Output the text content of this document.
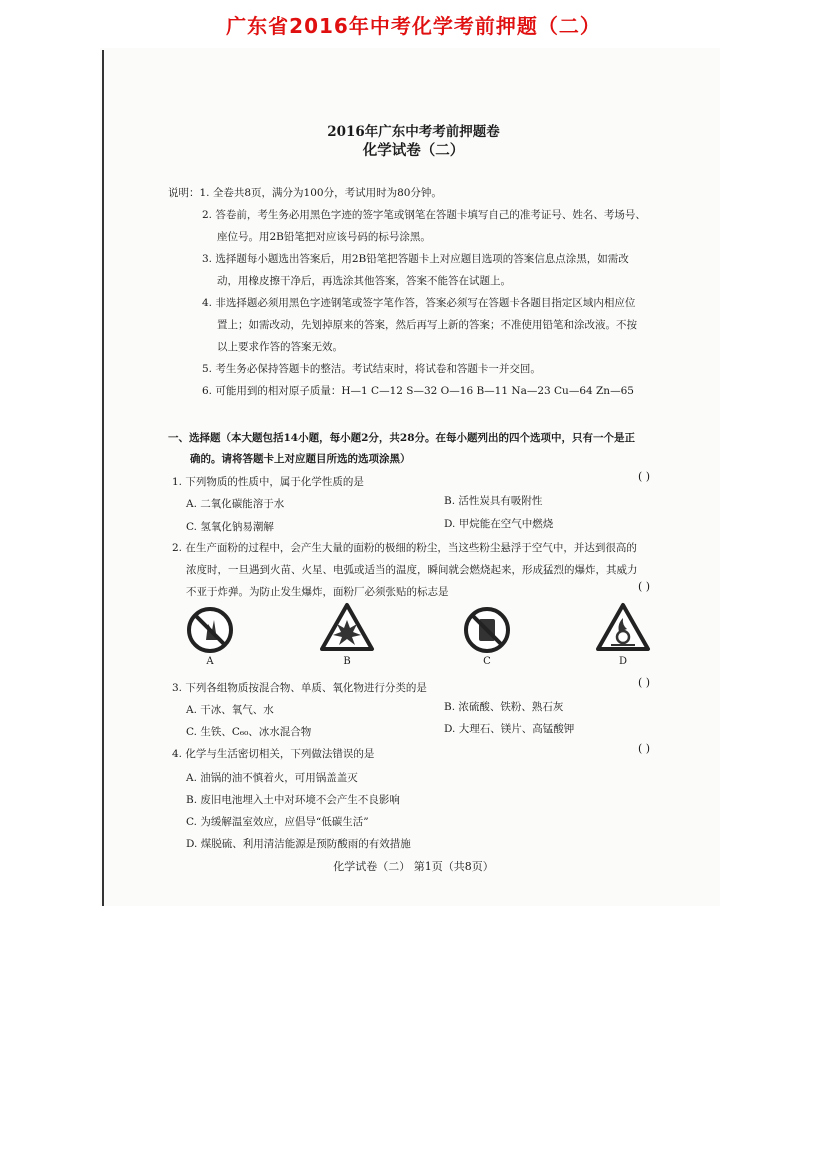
广东省2016年中考化学考前押题（二）
2016年广东中考考前押题卷
化学试卷（二）
说明：1. 全卷共8页，满分为100分，考试用时为80分钟。
2. 答卷前，考生务必用黑色字迹的签字笔或钢笔在答题卡填写自己的准考证号、姓名、考场号、
座位号。用2B铅笔把对应该号码的标号涂黑。
3. 选择题每小题选出答案后，用2B铅笔把答题卡上对应题目选项的答案信息点涂黑，如需改
动，用橡皮擦干净后，再选涂其他答案，答案不能答在试题上。
4. 非选择题必须用黑色字迹钢笔或签字笔作答，答案必须写在答题卡各题目指定区域内相应位
置上；如需改动，先划掉原来的答案，然后再写上新的答案；不准使用铅笔和涂改液。不按
以上要求作答的答案无效。
5. 考生务必保持答题卡的整洁。考试结束时，将试卷和答题卡一并交回。
6. 可能用到的相对原子质量：H—1 C—12 S—32 O—16 B—11 Na—23 Cu—64 Zn—65
一、选择题（本大题包括14小题，每小题2分，共28分。在每小题列出的四个选项中，只有一个是正
确的。请将答题卡上对应题目所选的选项涂黑）
1. 下列物质的性质中，属于化学性质的是	( )
A. 二氧化碳能溶于水	B. 活性炭具有吸附性
C. 氢氧化钠易潮解	D. 甲烷能在空气中燃烧
2. 在生产面粉的过程中，会产生大量的面粉的极细的粉尘，当这些粉尘悬浮于空气中，并达到很高的
浓度时，一旦遇到火苗、火星、电弧或适当的温度，瞬间就会燃烧起来，形成猛烈的爆炸，其威力
不亚于炸弹。为防止发生爆炸，面粉厂必须张贴的标志是	( )
A	B	C	D
3. 下列各组物质按混合物、单质、氧化物进行分类的是	( )
A. 干冰、氧气、水	B. 浓硫酸、铁粉、熟石灰
C. 生铁、C₆₀、冰水混合物	D. 大理石、镁片、高锰酸钾
4. 化学与生活密切相关，下列做法错误的是	( )
A. 油锅的油不慎着火，可用锅盖盖灭
B. 废旧电池埋入土中对环境不会产生不良影响
C. 为缓解温室效应，应倡导“低碳生活”
D. 煤脱硫、利用清洁能源是预防酸雨的有效措施
化学试卷（二） 第1页（共8页）
